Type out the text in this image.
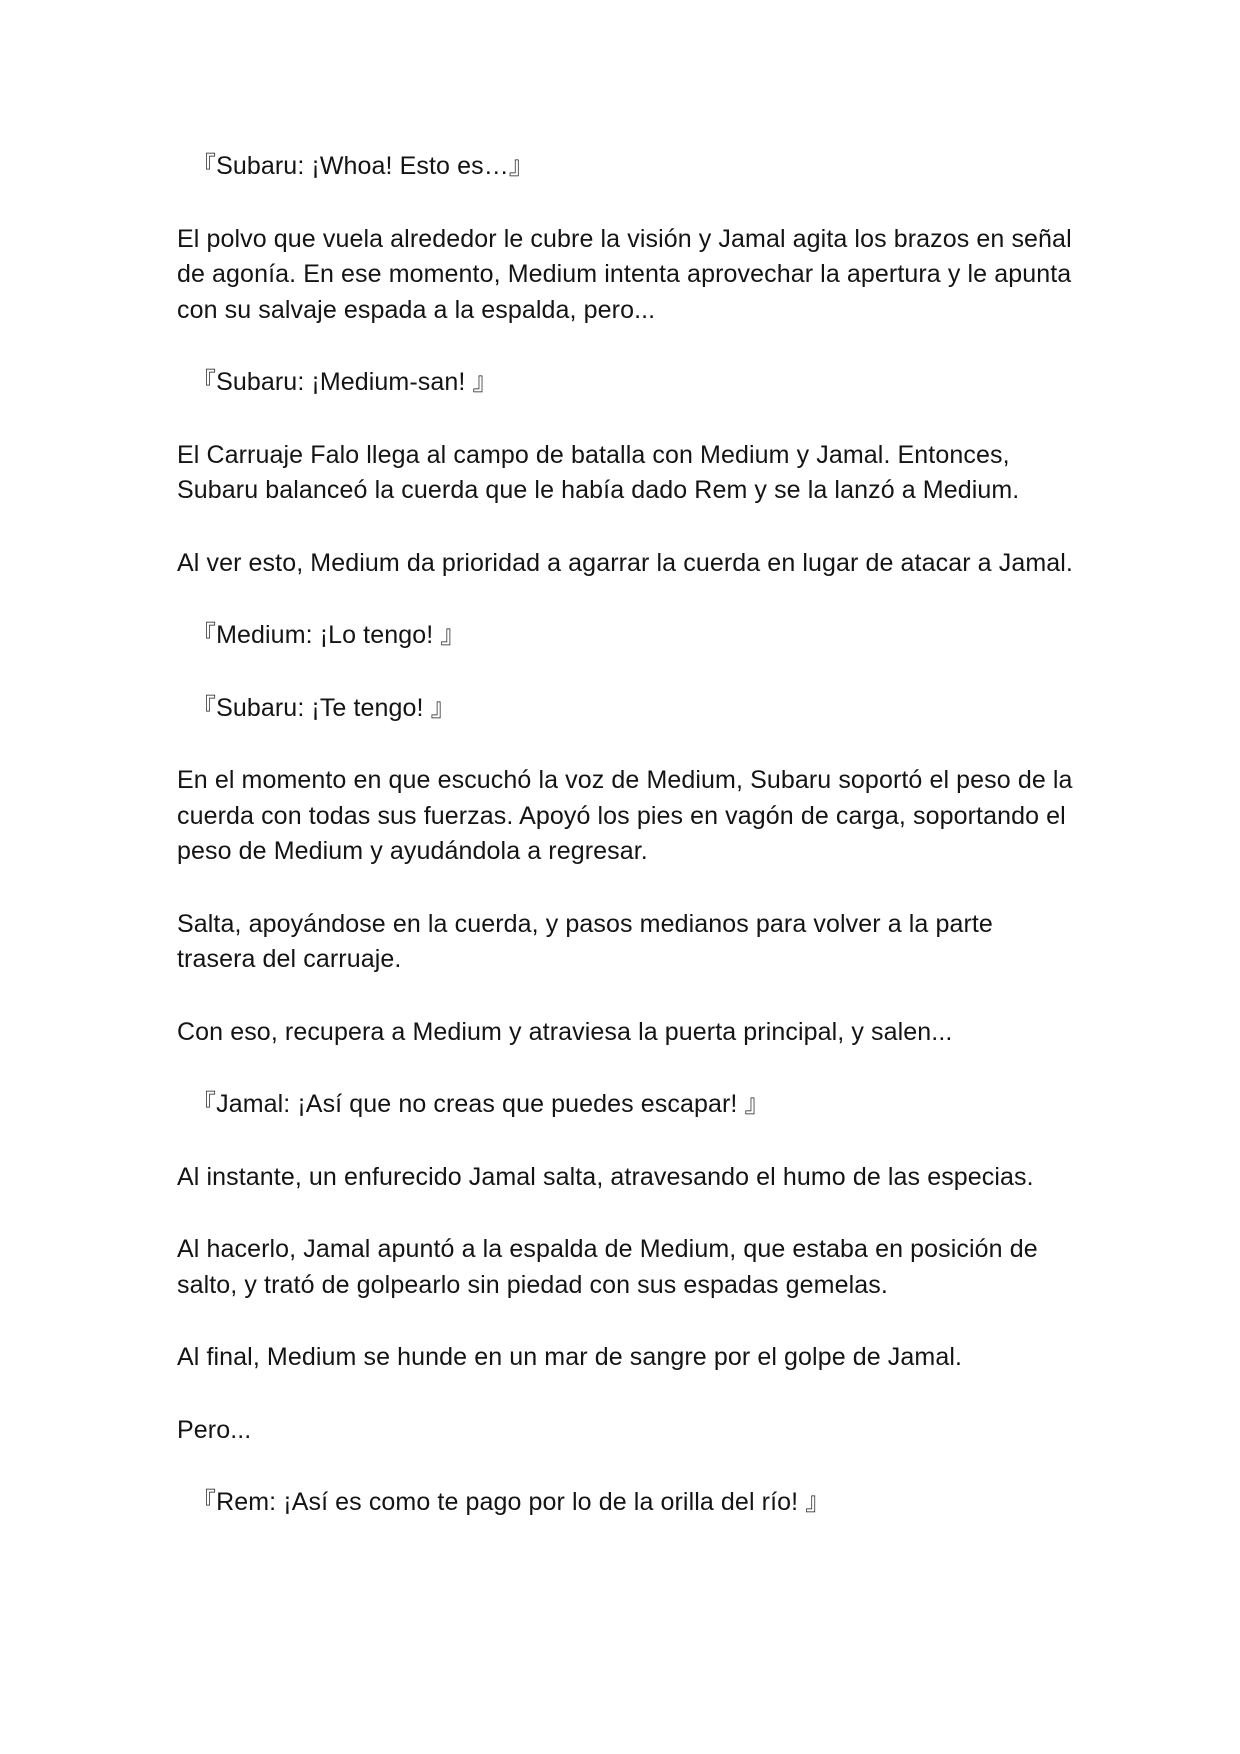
『Subaru: ¡Whoa! Esto es…』

El polvo que vuela alrededor le cubre la visión y Jamal agita los brazos en señal de agonía. En ese momento, Medium intenta aprovechar la apertura y le apunta con su salvaje espada a la espalda, pero...

『Subaru: ¡Medium-san! 』

El Carruaje Falo llega al campo de batalla con Medium y Jamal. Entonces, Subaru balanceó la cuerda que le había dado Rem y se la lanzó a Medium.

Al ver esto, Medium da prioridad a agarrar la cuerda en lugar de atacar a Jamal.

『Medium: ¡Lo tengo! 』

『Subaru: ¡Te tengo! 』

En el momento en que escuchó la voz de Medium, Subaru soportó el peso de la cuerda con todas sus fuerzas. Apoyó los pies en vagón de carga, soportando el peso de Medium y ayudándola a regresar.

Salta, apoyándose en la cuerda, y pasos medianos para volver a la parte trasera del carruaje.

Con eso, recupera a Medium y atraviesa la puerta principal, y salen...

『Jamal: ¡Así que no creas que puedes escapar! 』

Al instante, un enfurecido Jamal salta, atravesando el humo de las especias.

Al hacerlo, Jamal apuntó a la espalda de Medium, que estaba en posición de salto, y trató de golpearlo sin piedad con sus espadas gemelas.

Al final, Medium se hunde en un mar de sangre por el golpe de Jamal.

Pero...

『Rem: ¡Así es como te pago por lo de la orilla del río! 』
